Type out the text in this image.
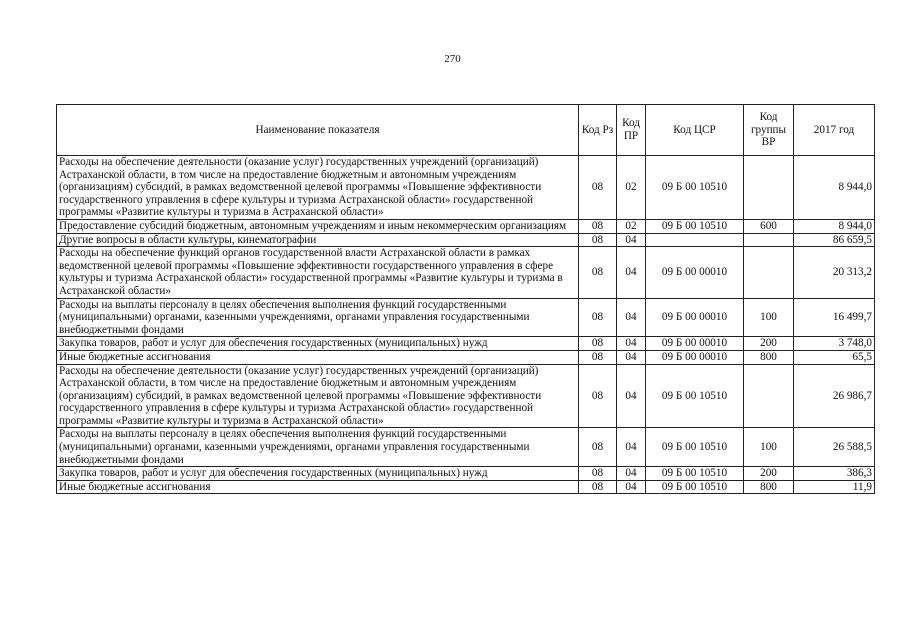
270
Наименование показателя	Код Рз	Код ПР	Код ЦСР	Код группы ВР	2017 год
Расходы на обеспечение деятельности (оказание услуг) государственных учреждений (организаций) Астраханской области, в том числе на предоставление бюджетным и автономным учреждениям (организациям) субсидий, в рамках ведомственной целевой программы «Повышение эффективности государственного управления в сфере культуры и туризма Астраханской области» государственной программы «Развитие культуры и туризма в Астраханской области»	08	02	09 Б 00 10510		8 944,0
Предоставление субсидий бюджетным, автономным учреждениям и иным некоммерческим организациям	08	02	09 Б 00 10510	600	8 944,0
Другие вопросы в области культуры, кинематографии	08	04			86 659,5
Расходы на обеспечение функций органов государственной власти Астраханской области в рамках ведомственной целевой программы «Повышение эффективности государственного управления в сфере культуры и туризма Астраханской области» государственной программы «Развитие культуры и туризма в Астраханской области»	08	04	09 Б 00 00010		20 313,2
Расходы на выплаты персоналу в целях обеспечения выполнения функций государственными (муниципальными) органами, казенными учреждениями, органами управления государственными внебюджетными фондами	08	04	09 Б 00 00010	100	16 499,7
Закупка товаров, работ и услуг для обеспечения государственных (муниципальных) нужд	08	04	09 Б 00 00010	200	3 748,0
Иные бюджетные ассигнования	08	04	09 Б 00 00010	800	65,5
Расходы на обеспечение деятельности (оказание услуг) государственных учреждений (организаций) Астраханской области, в том числе на предоставление бюджетным и автономным учреждениям (организациям) субсидий, в рамках ведомственной целевой программы «Повышение эффективности государственного управления в сфере культуры и туризма Астраханской области» государственной программы «Развитие культуры и туризма в Астраханской области»	08	04	09 Б 00 10510		26 986,7
Расходы на выплаты персоналу в целях обеспечения выполнения функций государственными (муниципальными) органами, казенными учреждениями, органами управления государственными внебюджетными фондами	08	04	09 Б 00 10510	100	26 588,5
Закупка товаров, работ и услуг для обеспечения государственных (муниципальных) нужд	08	04	09 Б 00 10510	200	386,3
Иные бюджетные ассигнования	08	04	09 Б 00 10510	800	11,9
